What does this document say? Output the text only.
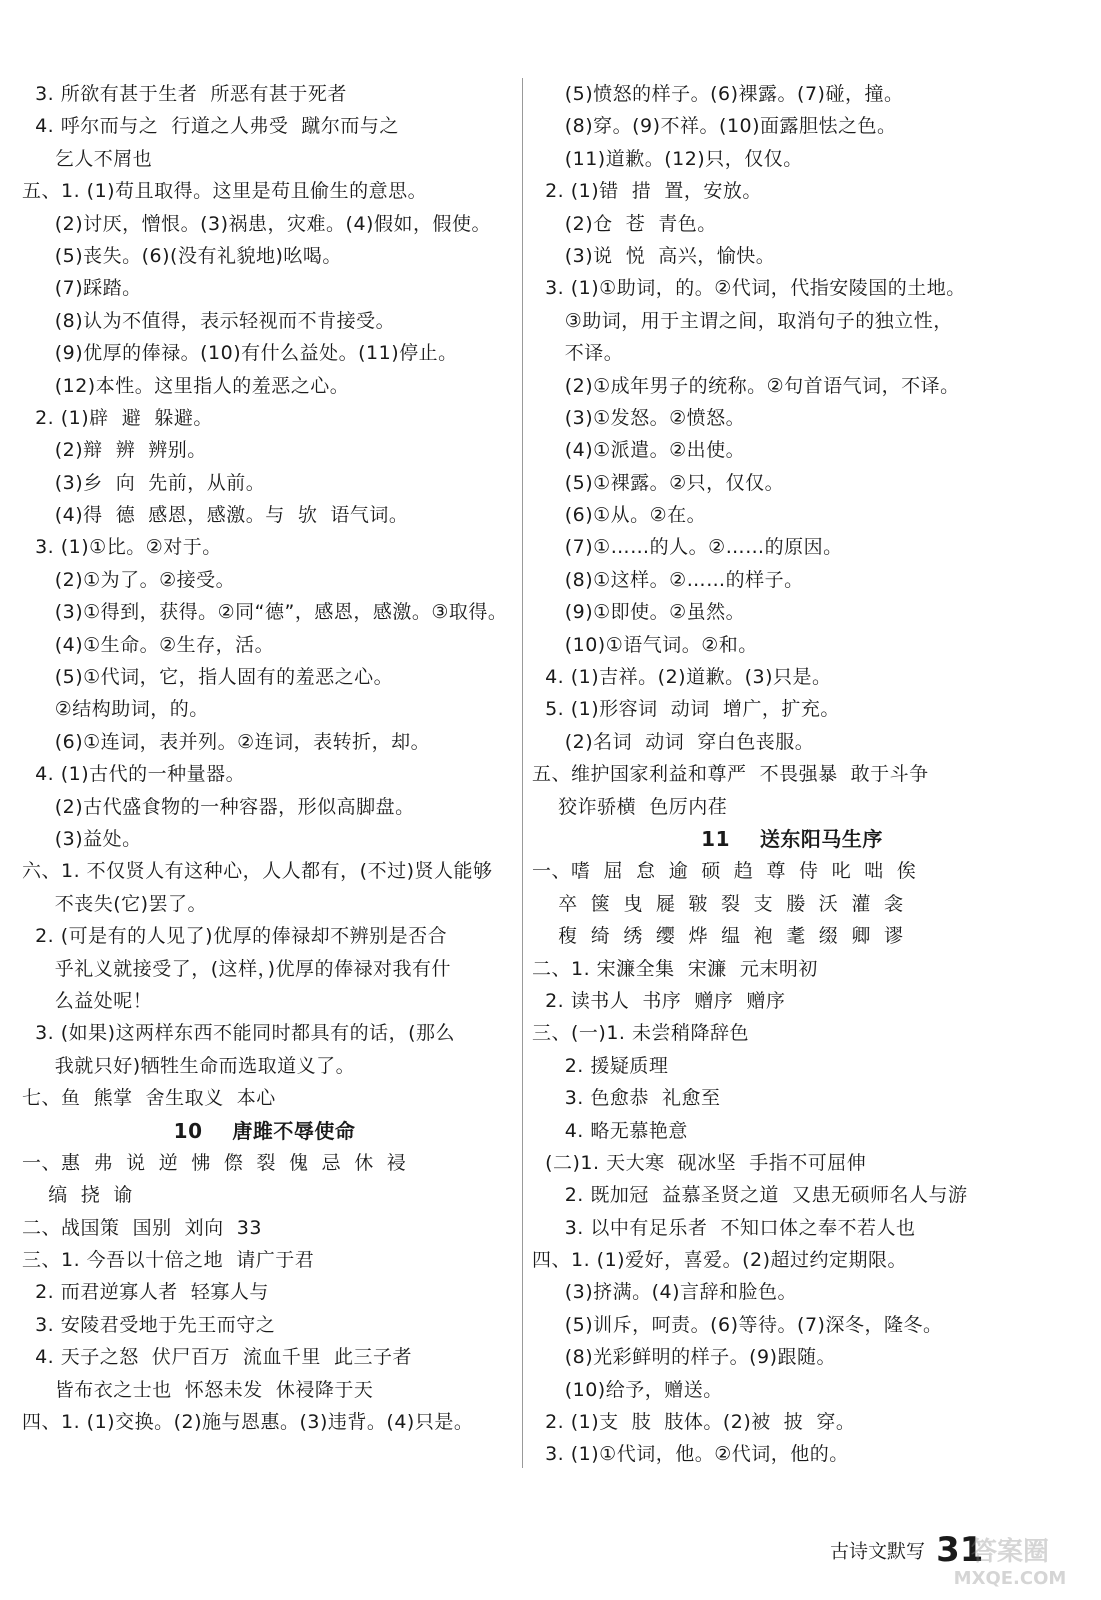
3. 所欲有甚于生者  所恶有甚于死者
4. 呼尔而与之  行道之人弗受  蹴尔而与之
乞人不屑也
五、1. (1)苟且取得。这里是苟且偷生的意思。
(2)讨厌，憎恨。(3)祸患，灾难。(4)假如，假使。
(5)丧失。(6)(没有礼貌地)吆喝。
(7)踩踏。
(8)认为不值得，表示轻视而不肯接受。
(9)优厚的俸禄。(10)有什么益处。(11)停止。
(12)本性。这里指人的羞恶之心。
2. (1)辟  避  躲避。
(2)辩  辨  辨别。
(3)乡  向  先前，从前。
(4)得  德  感恩，感激。与  欤  语气词。
3. (1)①比。②对于。
(2)①为了。②接受。
(3)①得到，获得。②同“德”，感恩，感激。③取得。
(4)①生命。②生存，活。
(5)①代词，它，指人固有的羞恶之心。
②结构助词，的。
(6)①连词，表并列。②连词，表转折，却。
4. (1)古代的一种量器。
(2)古代盛食物的一种容器，形似高脚盘。
(3)益处。
六、1. 不仅贤人有这种心，人人都有，(不过)贤人能够
不丧失(它)罢了。
2. (可是有的人见了)优厚的俸禄却不辨别是否合
乎礼义就接受了，(这样，)优厚的俸禄对我有什
么益处呢！
3. (如果)这两样东西不能同时都具有的话，(那么
我就只好)牺牲生命而选取道义了。
七、鱼  熊掌  舍生取义  本心
10    唐雎不辱使命
一、惠  弗  说  逆  怫  傺  裂  傀  忌  休  祲
缟  挠  谕
二、战国策  国别  刘向  33
三、1. 今吾以十倍之地  请广于君
2. 而君逆寡人者  轻寡人与
3. 安陵君受地于先王而守之
4. 天子之怒  伏尸百万  流血千里  此三子者
皆布衣之士也  怀怒未发  休祲降于天
四、1. (1)交换。(2)施与恩惠。(3)违背。(4)只是。
(5)愤怒的样子。(6)裸露。(7)碰，撞。
(8)穿。(9)不祥。(10)面露胆怯之色。
(11)道歉。(12)只，仅仅。
2. (1)错  措  置，安放。
(2)仓  苍  青色。
(3)说  悦  高兴，愉快。
3. (1)①助词，的。②代词，代指安陵国的土地。
③助词，用于主谓之间，取消句子的独立性，
不译。
(2)①成年男子的统称。②句首语气词，不译。
(3)①发怒。②愤怒。
(4)①派遣。②出使。
(5)①裸露。②只，仅仅。
(6)①从。②在。
(7)①……的人。②……的原因。
(8)①这样。②……的样子。
(9)①即使。②虽然。
(10)①语气词。②和。
4. (1)吉祥。(2)道歉。(3)只是。
5. (1)形容词  动词  增广，扩充。
(2)名词  动词  穿白色丧服。
五、维护国家利益和尊严  不畏强暴  敢于斗争
狡诈骄横  色厉内荏
11    送东阳马生序
一、嗜  屈  怠  逾  硕  趋  尊  侍  叱  咄  俟
卒  箧  曳  屣  皲  裂  支  媵  沃  灌  衾
稪  绮  绣  缨  烨  缊  袍  耄  缀  卿  谬
二、1. 宋濂全集  宋濂  元末明初
2. 读书人  书序  赠序  赠序
三、(一)1. 未尝稍降辞色
2. 援疑质理
3. 色愈恭  礼愈至
4. 略无慕艳意
(二)1. 天大寒  砚冰坚  手指不可屈伸
2. 既加冠  益慕圣贤之道  又患无硕师名人与游
3. 以中有足乐者  不知口体之奉不若人也
四、1. (1)爱好，喜爱。(2)超过约定期限。
(3)挤满。(4)言辞和脸色。
(5)训斥，呵责。(6)等待。(7)深冬，隆冬。
(8)光彩鲜明的样子。(9)跟随。
(10)给予，赠送。
2. (1)支  肢  肢体。(2)被  披  穿。
3. (1)①代词，他。②代词，他的。
古诗文默写 31
答案圈
MXQE.COM
